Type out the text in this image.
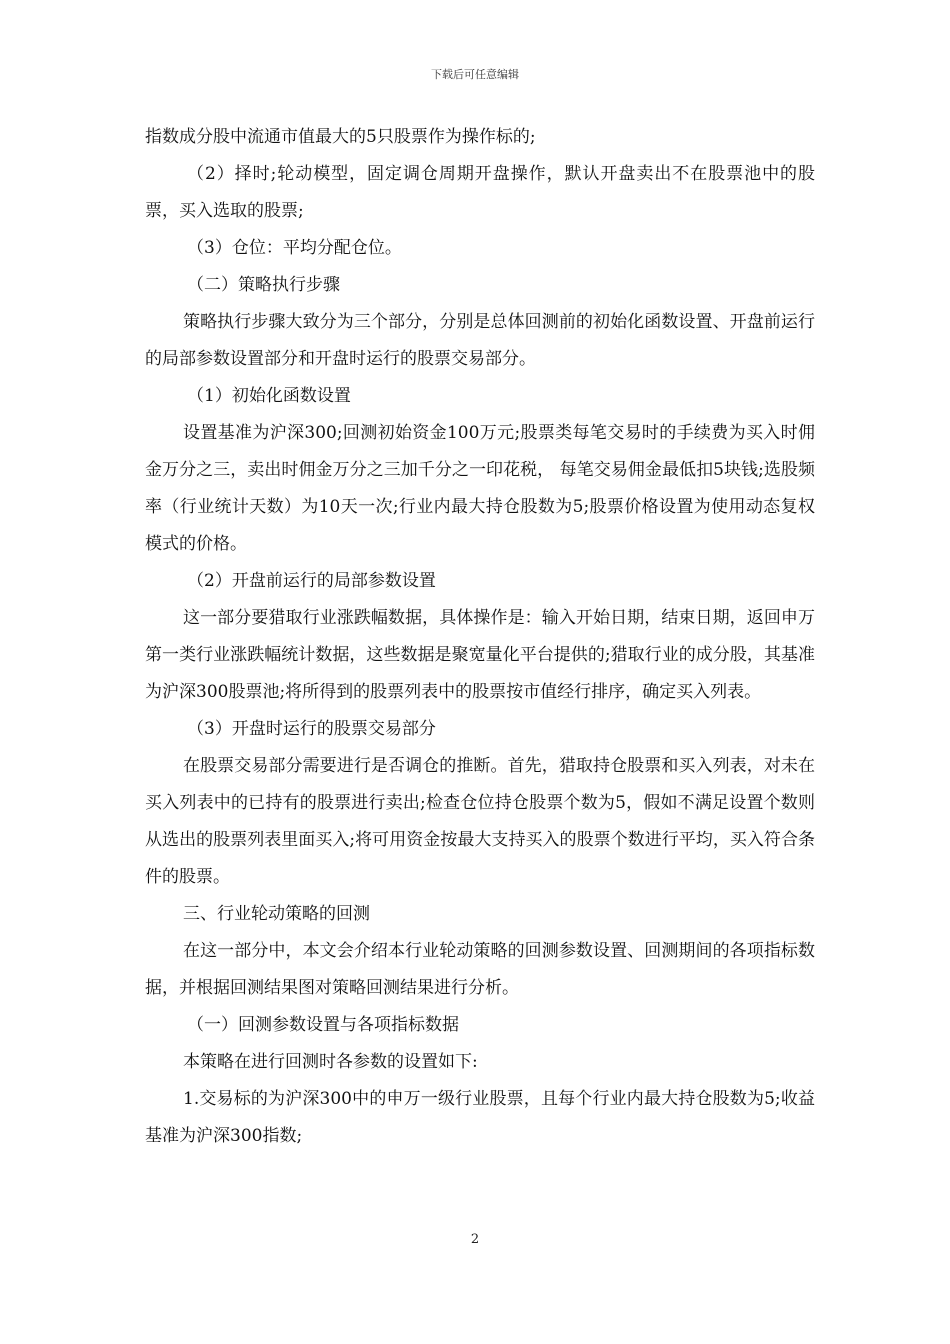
下载后可任意编辑

指数成分股中流通市值最大的5只股票作为操作标的;

（2）择时;轮动模型，固定调仓周期开盘操作，默认开盘卖出不在股票池中的股票，买入选取的股票;

（3）仓位：平均分配仓位。

（二）策略执行步骤

策略执行步骤大致分为三个部分，分别是总体回测前的初始化函数设置、开盘前运行的局部参数设置部分和开盘时运行的股票交易部分。

（1）初始化函数设置

设置基准为沪深300;回测初始资金100万元;股票类每笔交易时的手续费为买入时佣金万分之三，卖出时佣金万分之三加千分之一印花税， 每笔交易佣金最低扣5块钱;选股频率（行业统计天数）为10天一次;行业内最大持仓股数为5;股票价格设置为使用动态复权模式的价格。

（2）开盘前运行的局部参数设置

这一部分要猎取行业涨跌幅数据，具体操作是：输入开始日期，结束日期，返回申万第一类行业涨跌幅统计数据，这些数据是聚宽量化平台提供的;猎取行业的成分股，其基准为沪深300股票池;将所得到的股票列表中的股票按市值经行排序，确定买入列表。

（3）开盘时运行的股票交易部分

在股票交易部分需要进行是否调仓的推断。首先，猎取持仓股票和买入列表，对未在买入列表中的已持有的股票进行卖出;检查仓位持仓股票个数为5，假如不满足设置个数则从选出的股票列表里面买入;将可用资金按最大支持买入的股票个数进行平均，买入符合条件的股票。

三、行业轮动策略的回测

在这一部分中，本文会介绍本行业轮动策略的回测参数设置、回测期间的各项指标数据，并根据回测结果图对策略回测结果进行分析。

（一）回测参数设置与各项指标数据

本策略在进行回测时各参数的设置如下:

1.交易标的为沪深300中的申万一级行业股票，且每个行业内最大持仓股数为5;收益基准为沪深300指数;

2
